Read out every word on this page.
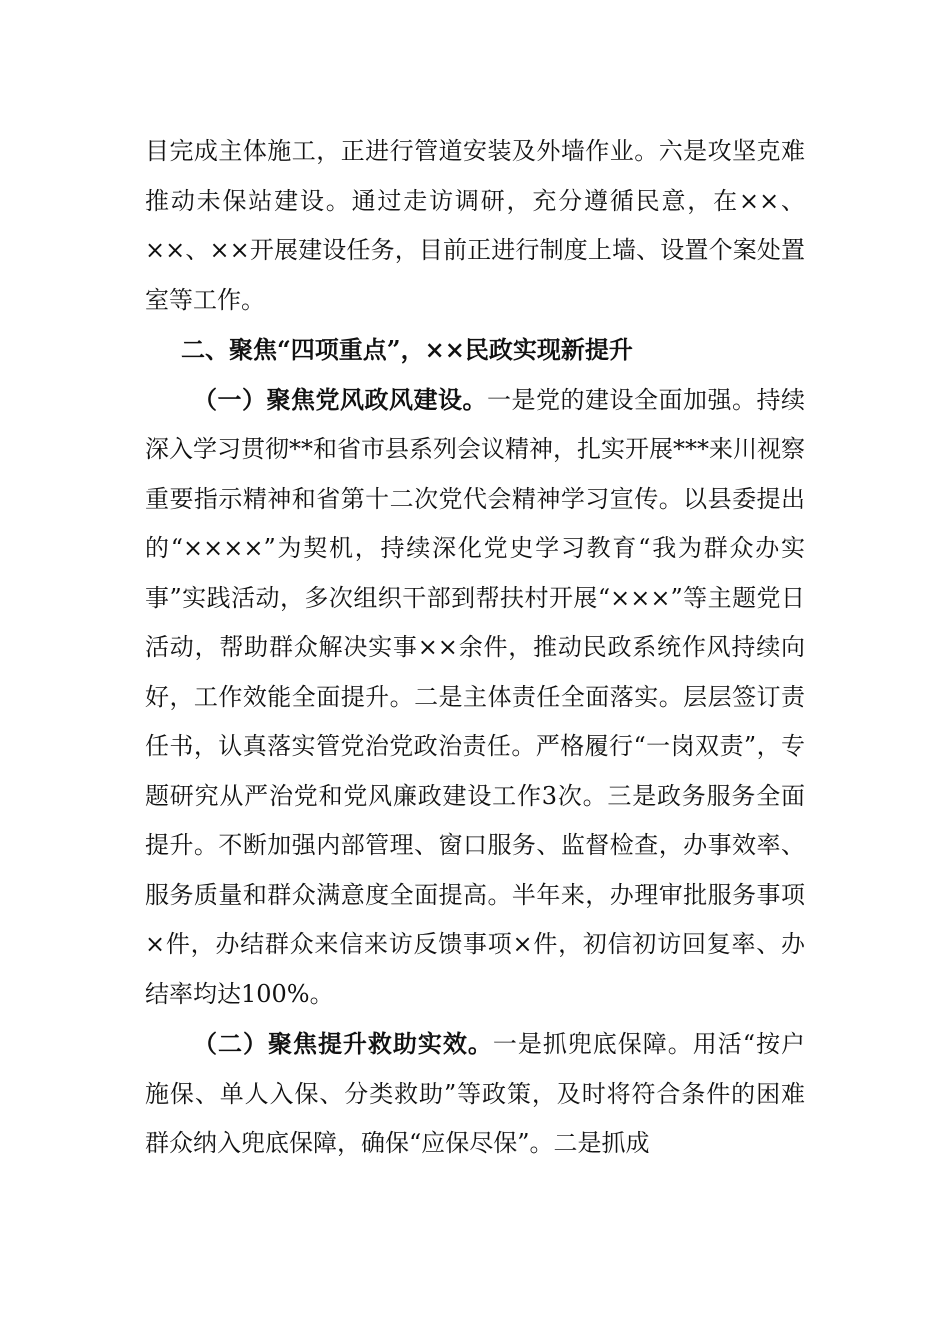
目完成主体施工，正进行管道安装及外墙作业。六是攻坚克难推动未保站建设。通过走访调研，充分遵循民意，在××、××、××开展建设任务，目前正进行制度上墙、设置个案处置室等工作。

二、聚焦“四项重点”，××民政实现新提升

（一）聚焦党风政风建设。一是党的建设全面加强。持续深入学习贯彻**和省市县系列会议精神，扎实开展***来川视察重要指示精神和省第十二次党代会精神学习宣传。以县委提出的“××××”为契机，持续深化党史学习教育“我为群众办实事”实践活动，多次组织干部到帮扶村开展“×××”等主题党日活动，帮助群众解决实事××余件，推动民政系统作风持续向好，工作效能全面提升。二是主体责任全面落实。层层签订责任书，认真落实管党治党政治责任。严格履行“一岗双责”，专题研究从严治党和党风廉政建设工作3次。三是政务服务全面提升。不断加强内部管理、窗口服务、监督检查，办事效率、服务质量和群众满意度全面提高。半年来，办理审批服务事项×件，办结群众来信来访反馈事项×件，初信初访回复率、办结率均达100%。

（二）聚焦提升救助实效。一是抓兜底保障。用活“按户施保、单人入保、分类救助”等政策，及时将符合条件的困难群众纳入兜底保障，确保“应保尽保”。二是抓成
